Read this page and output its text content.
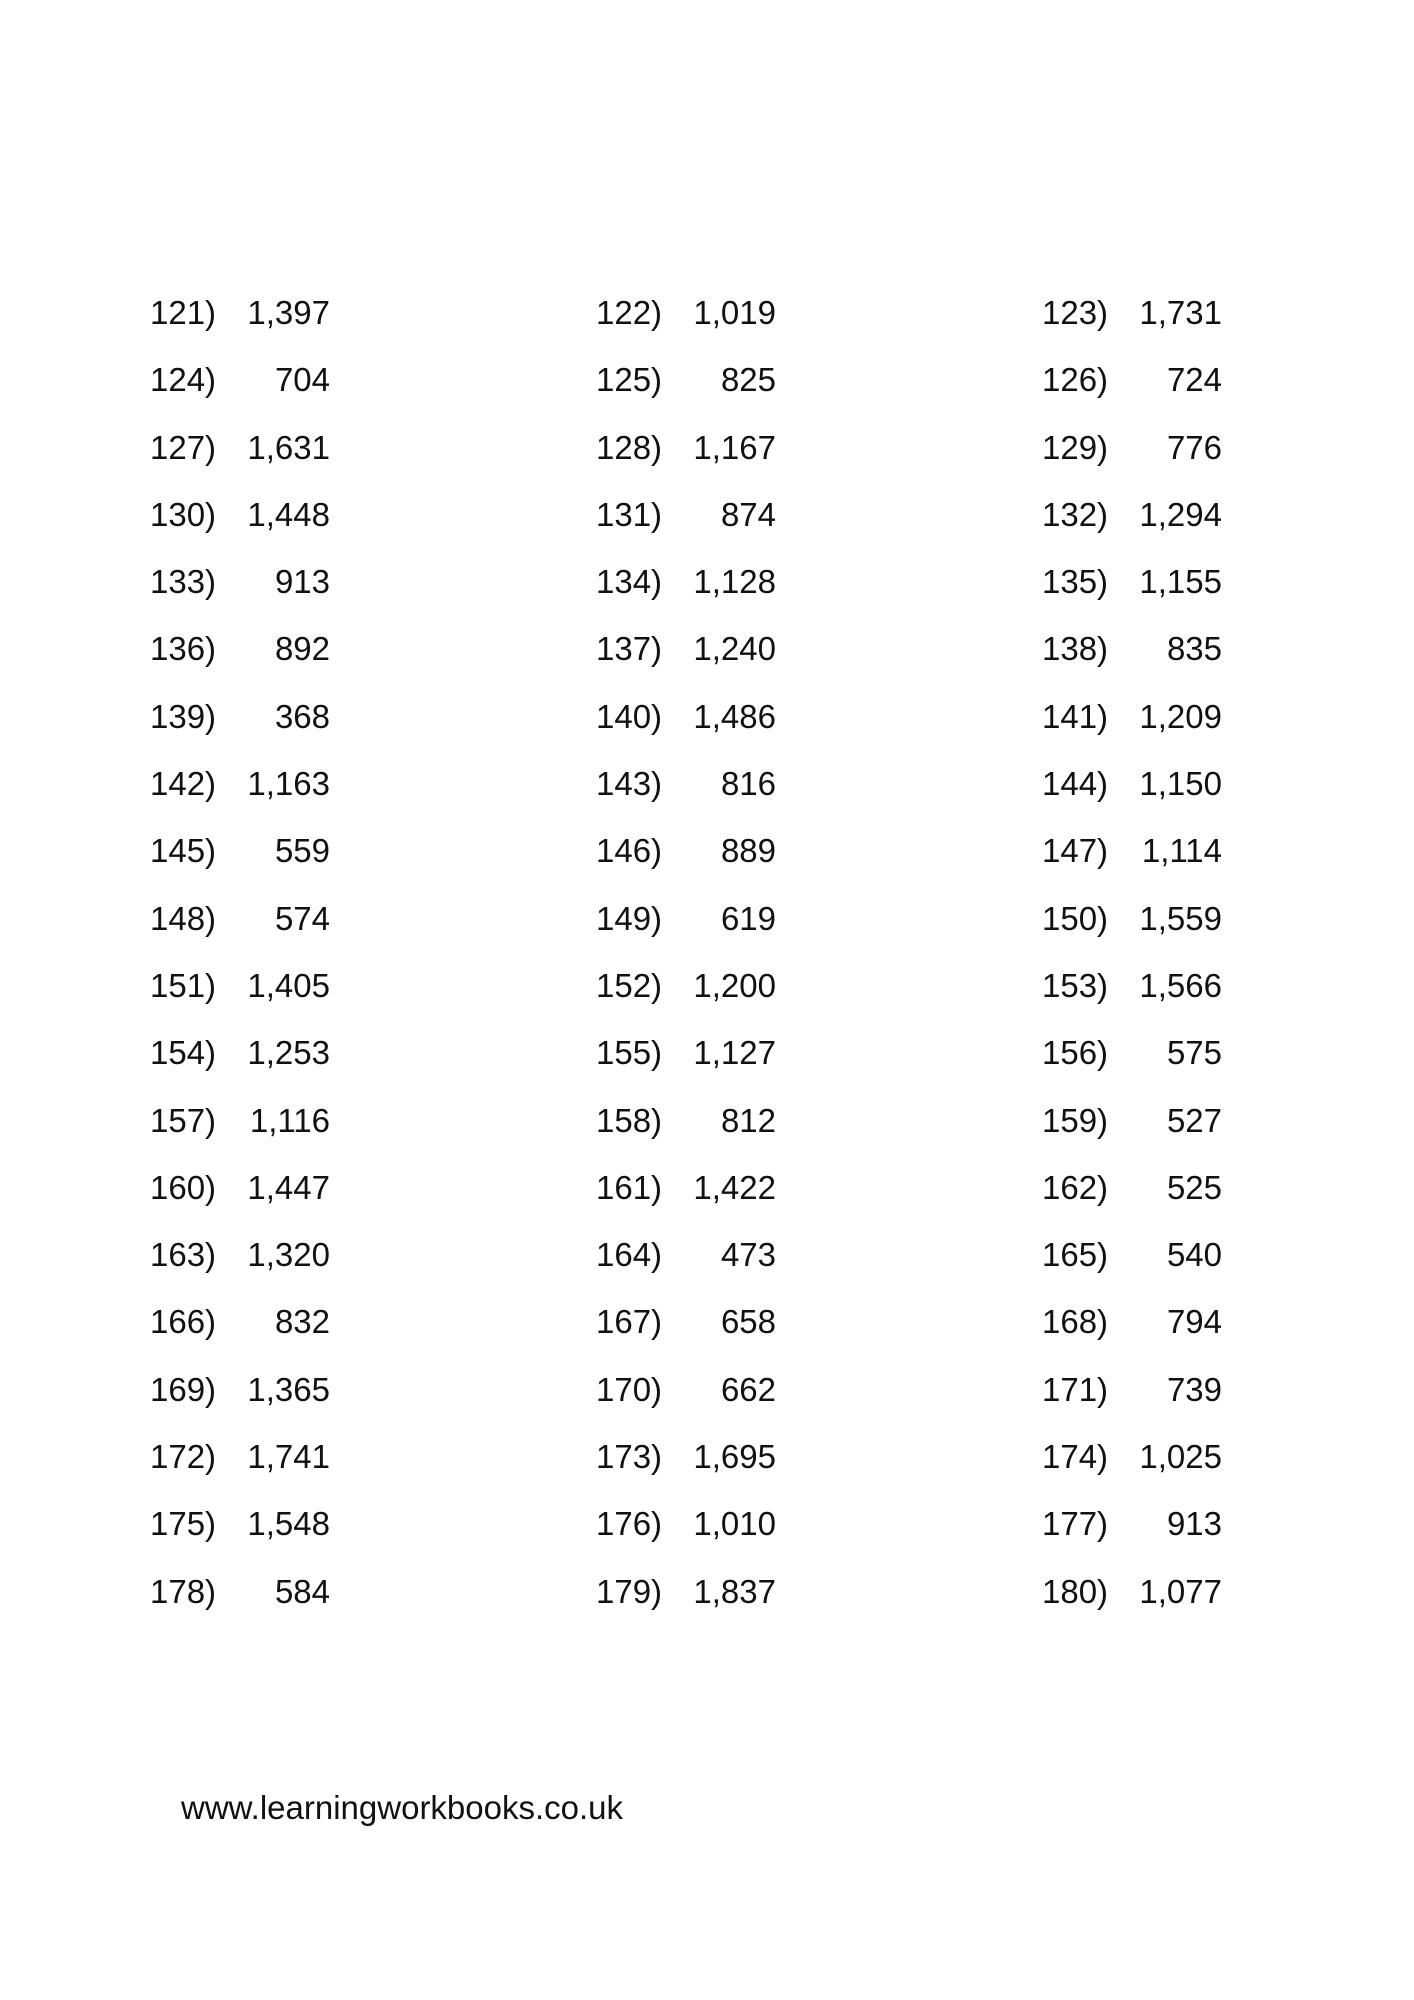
121) 1,397	122) 1,019	123) 1,731
124) 704	125) 825	126) 724
127) 1,631	128) 1,167	129) 776
130) 1,448	131) 874	132) 1,294
133) 913	134) 1,128	135) 1,155
136) 892	137) 1,240	138) 835
139) 368	140) 1,486	141) 1,209
142) 1,163	143) 816	144) 1,150
145) 559	146) 889	147) 1,114
148) 574	149) 619	150) 1,559
151) 1,405	152) 1,200	153) 1,566
154) 1,253	155) 1,127	156) 575
157) 1,116	158) 812	159) 527
160) 1,447	161) 1,422	162) 525
163) 1,320	164) 473	165) 540
166) 832	167) 658	168) 794
169) 1,365	170) 662	171) 739
172) 1,741	173) 1,695	174) 1,025
175) 1,548	176) 1,010	177) 913
178) 584	179) 1,837	180) 1,077
www.learningworkbooks.co.uk
